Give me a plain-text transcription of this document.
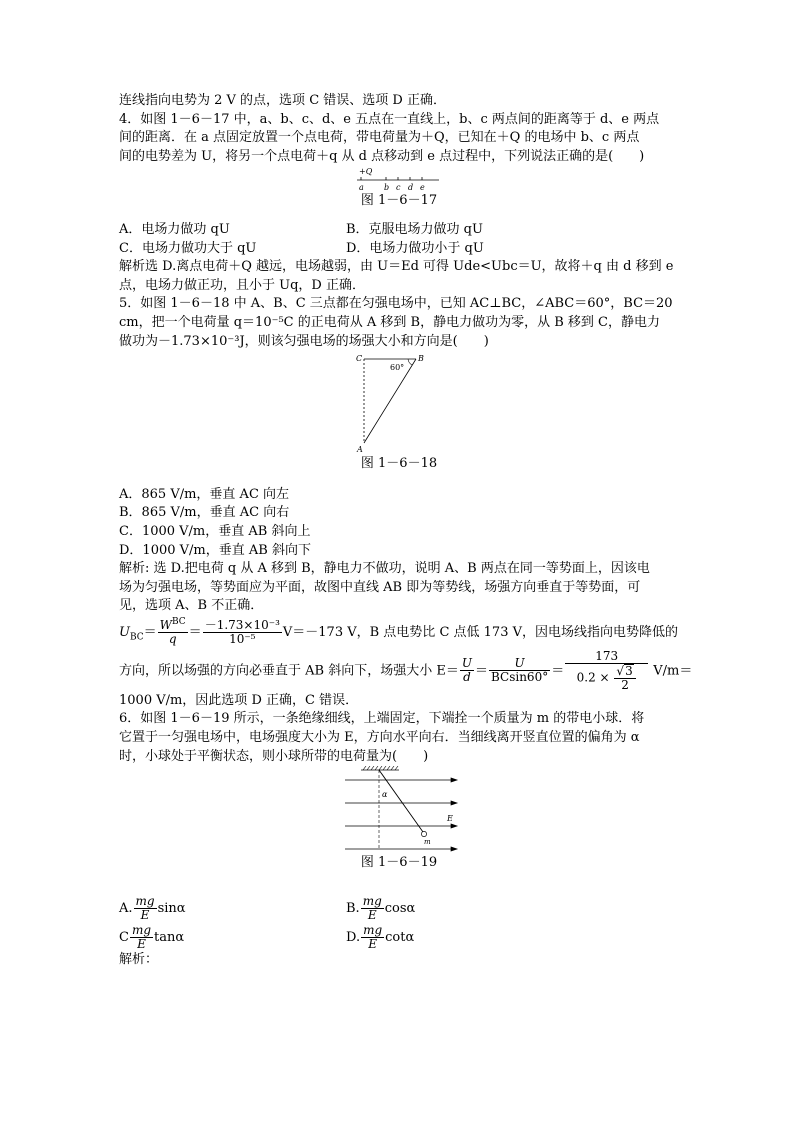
连线指向电势为 2 V 的点，选项 C 错误、选项 D 正确．
4．如图 1－6－17 中，a、b、c、d、e 五点在一直线上，b、c 两点间的距离等于 d、e 两点
间的距离．在 a 点固定放置一个点电荷，带电荷量为＋Q，已知在＋Q 的电场中 b、c 两点
间的电势差为 U，将另一个点电荷＋q 从 d 点移动到 e 点过程中，下列说法正确的是(　　)
+Q
a	b c d e
图 1－6－17
A．电场力做功 qU	B．克服电场力做功 qU
C．电场力做功大于 qU	D．电场力做功小于 qU
解析选 D.离点电荷＋Q 越远，电场越弱，由 U＝Ed 可得 Ude<Ubc＝U，故将＋q 由 d 移到 e
点，电场力做正功，且小于 Uq，D 正确．
5．如图 1－6－18 中 A、B、C 三点都在匀强电场中，已知 AC⊥BC，∠ABC＝60°，BC＝20
cm，把一个电荷量 q＝10⁻⁵C 的正电荷从 A 移到 B，静电力做功为零，从 B 移到 C，静电力
做功为－1.73×10⁻³J，则该匀强电场的场强大小和方向是(　　)
C	B
60°
A
图 1－6－18
A．865 V/m，垂直 AC 向左
B．865 V/m，垂直 AC 向右
C．1000 V/m，垂直 AB 斜向上
D．1000 V/m，垂直 AB 斜向下
解析: 选 D.把电荷 q 从 A 移到 B，静电力不做功，说明 A、B 两点在同一等势面上，因该电
场为匀强电场，等势面应为平面，故图中直线 AB 即为等势线，场强方向垂直于等势面，可
见，选项 A、B 不正确．
$U_{BC}= \frac{W^{BC}}{q} = \frac{\text{－1.73×10⁻³}}{\text{10⁻⁵}} V=-173$ V，B 点电势比 C 点低 173 V，因电场线指向电势降低的
方向，所以场强的方向必垂直于 AB 斜向下，场强大小 $E= \frac{U}{d} = \frac{U}{BCsin60^\circ} = \frac{173}{0.2 \times \frac{√3}{2}} V/m=$
1000 V/m，因此选项 D 正确，C 错误．
6．如图 1－6－19 所示，一条绝缘细线，上端固定，下端拴一个质量为 m 的带电小球．将
它置于一匀强电场中，电场强度大小为 E，方向水平向右．当细线离开竖直位置的偏角为 α
时，小球处于平衡状态，则小球所带的电荷量为(　　)
α
E
m
图 1－6－19
A. $\frac{mg}{E}$ sinα	B. $\frac{mg}{E}$ cosα
C $\frac{mg}{E}$ tanα	D. $\frac{mg}{E}$ cotα
解析：
